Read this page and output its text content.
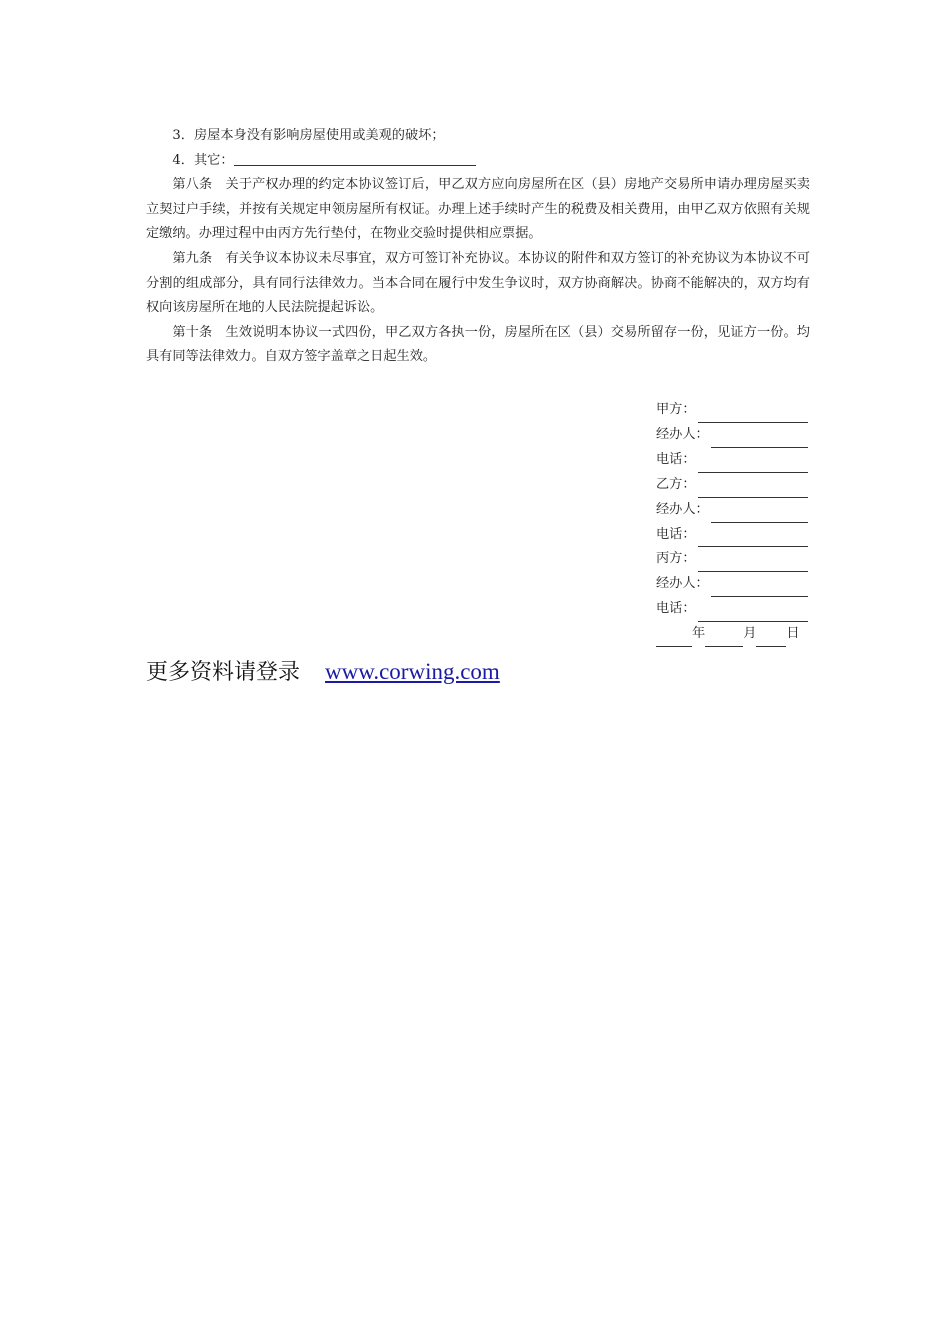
3．房屋本身没有影响房屋使用或美观的破坏；

4．其它：

第八条　关于产权办理的约定本协议签订后，甲乙双方应向房屋所在区（县）房地产交易所申请办理房屋买卖立契过户手续，并按有关规定申领房屋所有权证。办理上述手续时产生的税费及相关费用，由甲乙双方依照有关规定缴纳。办理过程中由丙方先行垫付，在物业交验时提供相应票据。

第九条　有关争议本协议未尽事宜，双方可签订补充协议。本协议的附件和双方签订的补充协议为本协议不可分割的组成部分，具有同行法律效力。当本合同在履行中发生争议时，双方协商解决。协商不能解决的，双方均有权向该房屋所在地的人民法院提起诉讼。

第十条　生效说明本协议一式四份，甲乙双方各执一份，房屋所在区（县）交易所留存一份，见证方一份。均具有同等法律效力。自双方签字盖章之日起生效。

甲方：
经办人：
电话：
乙方：
经办人：
电话：
丙方：
经办人：
电话：
年	月 日
更多资料请登录 www.corwing.com
